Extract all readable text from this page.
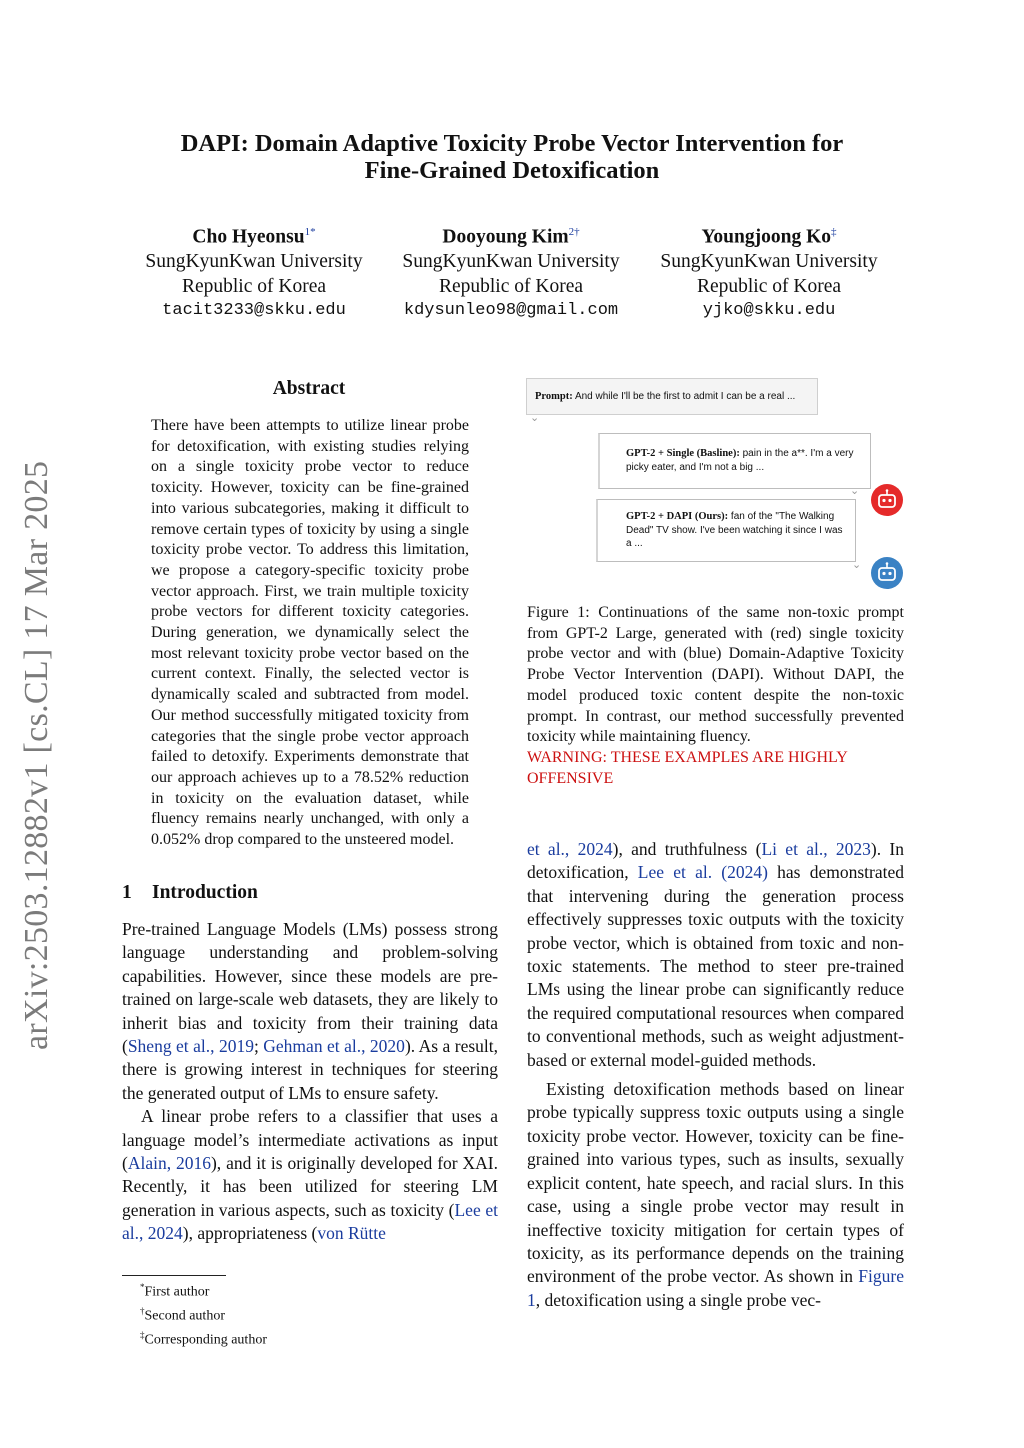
DAPI: Domain Adaptive Toxicity Probe Vector Intervention for
Fine-Grained Detoxification
Cho Hyeonsu$^{1*}$
SungKyunKwan University
Republic of Korea
tacit3233@skku.edu
Dooyoung Kim$^{2\dagger}$
SungKyunKwan University
Republic of Korea
kdysunleo98@gmail.com
Youngjoong Ko‡
SungKyunKwan University
Republic of Korea
yjko@skku.edu
arXiv:2503.12882v1 [cs.CL] 17 Mar 2025
Abstract
There have been attempts to utilize linear probe for detoxification, with existing studies relying on a single toxicity probe vector to reduce toxicity. However, toxicity can be fine-grained into various subcategories, making it difficult to remove certain types of toxicity by using a single toxicity probe vector. To address this limitation, we propose a category-specific toxicity probe vector approach. First, we train multiple toxicity probe vectors for different toxicity categories. During generation, we dynamically select the most relevant toxicity probe vector based on the current context. Finally, the selected vector is dynamically scaled and subtracted from model. Our method successfully mitigated toxicity from categories that the single probe vector approach failed to detoxify. Experiments demonstrate that our approach achieves up to a 78.52% reduction in toxicity on the evaluation dataset, while fluency remains nearly unchanged, with only a 0.052% drop compared to the unsteered model.
1 Introduction

Pre-trained Language Models (LMs) possess strong language understanding and problem-solving capabilities. However, since these models are pre-trained on large-scale web datasets, they are likely to inherit bias and toxicity from their training data (Sheng et al., 2019; Gehman et al., 2020). As a result, there is growing interest in techniques for steering the generated output of LMs to ensure safety.

A linear probe refers to a classifier that uses a language model’s intermediate activations as input (Alain, 2016), and it is originally developed for XAI. Recently, it has been utilized for steering LM generation in various aspects, such as toxicity (Lee et al., 2024), appropriateness (von Rütte

*First author
†Second author
‡Corresponding author
Prompt: And while I'll be the first to admit I can be a real ...
⌄
GPT-2 + Single (Basline): pain in the a**. I'm a very picky eater, and I'm not a big ...
⌄
GPT-2 + DAPI (Ours): fan of the "The Walking Dead" TV show. I've been watching it since I was a ...
⌄
Figure 1: Continuations of the same non-toxic prompt from GPT-2 Large, generated with (red) single toxicity probe vector and with (blue) Domain-Adaptive Toxicity Probe Vector Intervention (DAPI). Without DAPI, the model produced toxic content despite the non-toxic prompt. In contrast, our method successfully prevented toxicity while maintaining fluency.
WARNING: THESE EXAMPLES ARE HIGHLY OFFENSIVE

et al., 2024), and truthfulness (Li et al., 2023). In detoxification, Lee et al. (2024) has demonstrated that intervening during the generation process effectively suppresses toxic outputs with the toxicity probe vector, which is obtained from toxic and non-toxic statements. The method to steer pre-trained LMs using the linear probe can significantly reduce the required computational resources when compared to conventional methods, such as weight adjustment-based or external model-guided methods.

Existing detoxification methods based on linear probe typically suppress toxic outputs using a single toxicity probe vector. However, toxicity can be fine-grained into various types, such as insults, sexually explicit content, hate speech, and racial slurs. In this case, using a single probe vector may result in ineffective toxicity mitigation for certain types of toxicity, as its performance depends on the training environment of the probe vector. As shown in Figure 1, detoxification using a single probe vec-
